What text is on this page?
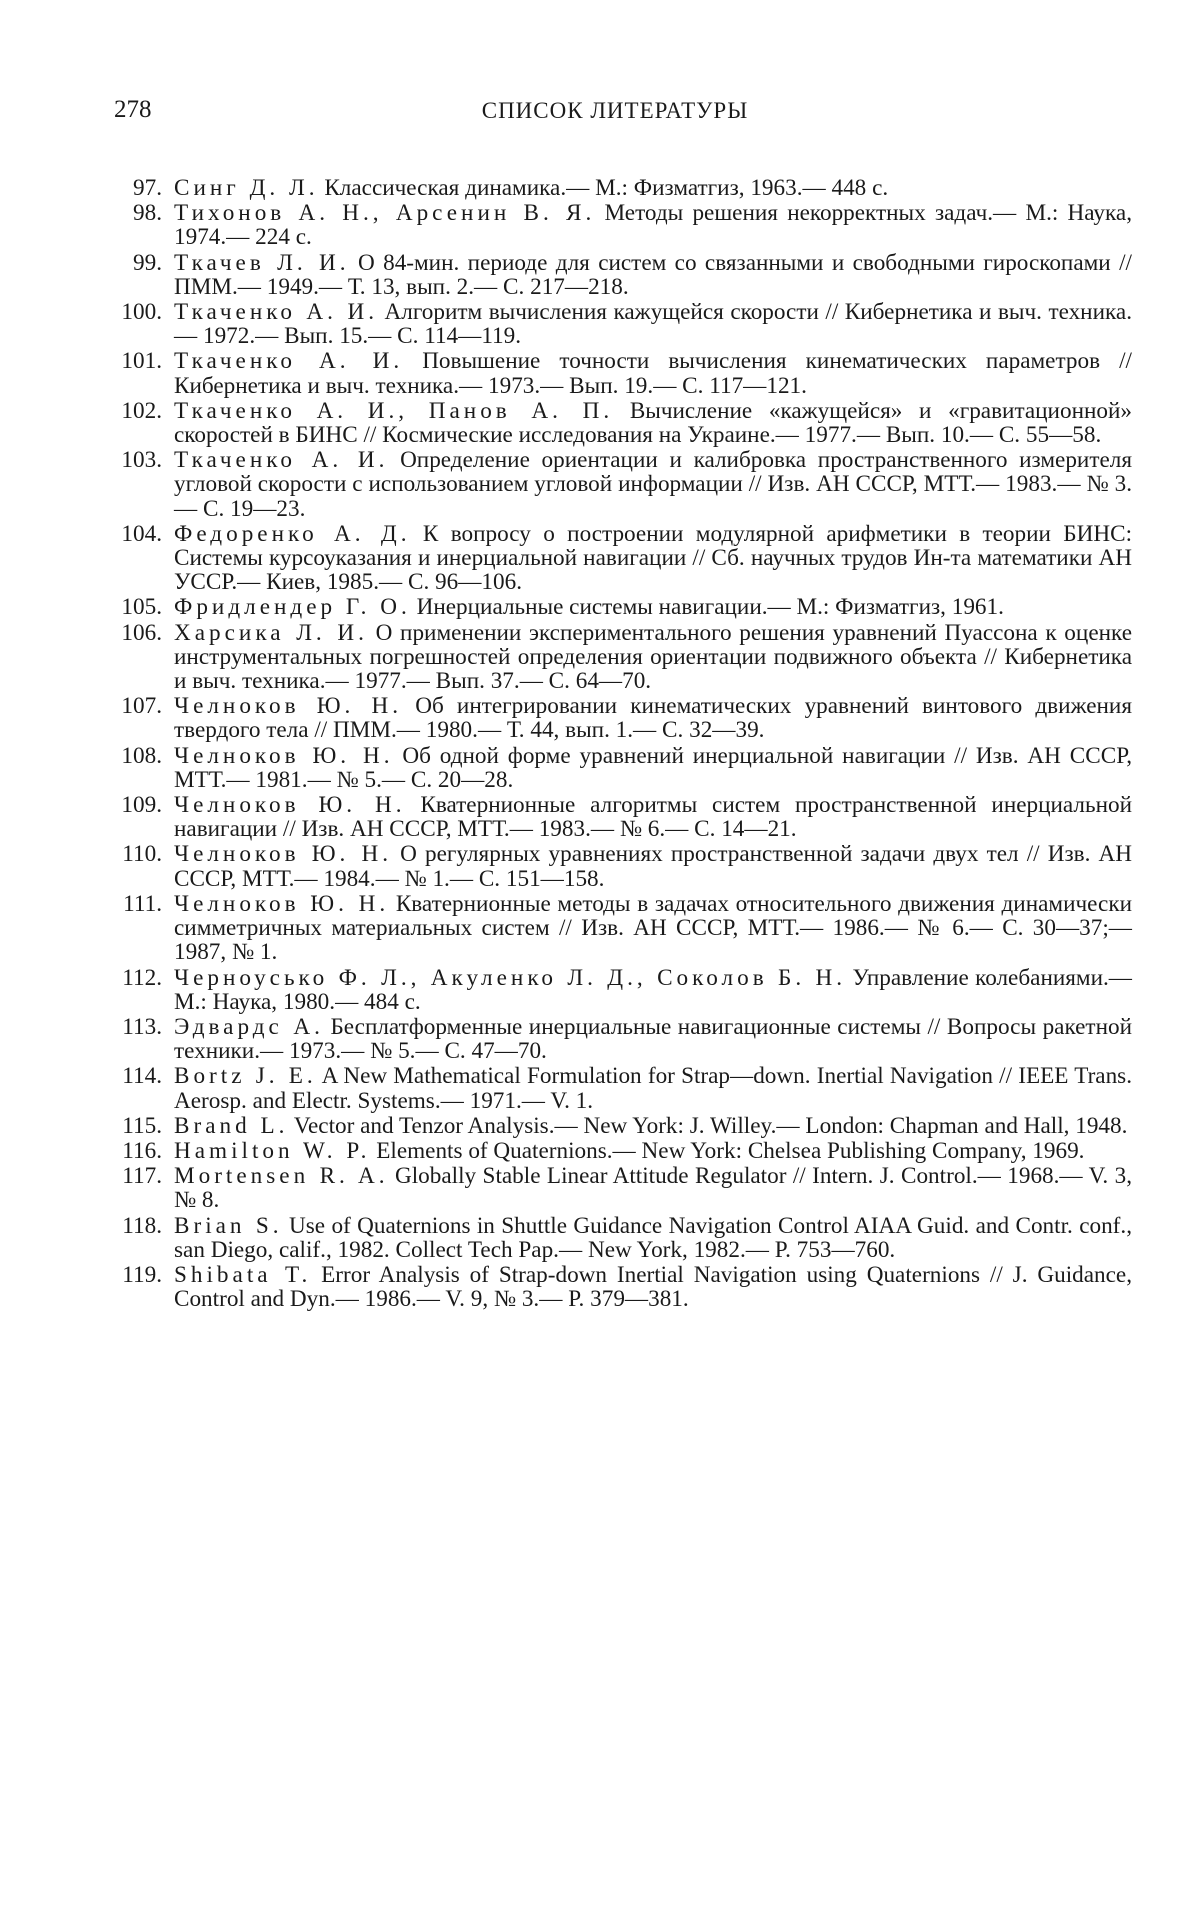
278	СПИСОК ЛИТЕРАТУРЫ
97. Синг Д. Л. Классическая динамика.— М.: Физматгиз, 1963.— 448 с.
98. Тихонов А. Н., Арсенин В. Я. Методы решения некорректных задач.— М.: Наука, 1974.— 224 с.
99. Ткачев Л. И. О 84-мин. периоде для систем со связанными и свободными гироскопами // ПММ.— 1949.— Т. 13, вып. 2.— С. 217—218.
100. Ткаченко А. И. Алгоритм вычисления кажущейся скорости // Кибернетика и выч. техника.— 1972.— Вып. 15.— С. 114—119.
101. Ткаченко А. И. Повышение точности вычисления кинематических параметров // Кибернетика и выч. техника.— 1973.— Вып. 19.— С. 117—121.
102. Ткаченко А. И., Панов А. П. Вычисление «кажущейся» и «гравитационной» скоростей в БИНС // Космические исследования на Украине.— 1977.— Вып. 10.— С. 55—58.
103. Ткаченко А. И. Определение ориентации и калибровка пространственного измерителя угловой скорости с использованием угловой информации // Изв. АН СССР, МТТ.— 1983.— № 3.— С. 19—23.
104. Федоренко А. Д. К вопросу о построении модулярной арифметики в теории БИНС: Системы курсоуказания и инерциальной навигации // Сб. научных трудов Ин-та математики АН УССР.— Киев, 1985.— С. 96—106.
105. Фридлендер Г. О. Инерциальные системы навигации.— М.: Физматгиз, 1961.
106. Харсика Л. И. О применении экспериментального решения уравнений Пуассона к оценке инструментальных погрешностей определения ориентации подвижного объекта // Кибернетика и выч. техника.— 1977.— Вып. 37.— С. 64—70.
107. Челноков Ю. Н. Об интегрировании кинематических уравнений винтового движения твердого тела // ПММ.— 1980.— Т. 44, вып. 1.— С. 32—39.
108. Челноков Ю. Н. Об одной форме уравнений инерциальной навигации // Изв. АН СССР, МТТ.— 1981.— № 5.— С. 20—28.
109. Челноков Ю. Н. Кватернионные алгоритмы систем пространственной инерциальной навигации // Изв. АН СССР, МТТ.— 1983.— № 6.— С. 14—21.
110. Челноков Ю. Н. О регулярных уравнениях пространственной задачи двух тел // Изв. АН СССР, МТТ.— 1984.— № 1.— С. 151—158.
111. Челноков Ю. Н. Кватернионные методы в задачах относительного движения динамически симметричных материальных систем // Изв. АН СССР, МТТ.— 1986.— № 6.— С. 30—37;— 1987, № 1.
112. Черноусько Ф. Л., Акуленко Л. Д., Соколов Б. Н. Управление колебаниями.— М.: Наука, 1980.— 484 с.
113. Эдвардс А. Бесплатформенные инерциальные навигационные системы // Вопросы ракетной техники.— 1973.— № 5.— С. 47—70.
114. Bortz J. E. A New Mathematical Formulation for Strap—down. Inertial Navigation // IEEE Trans. Aerosp. and Electr. Systems.— 1971.— V. 1.
115. Brand L. Vector and Tenzor Analysis.— New York: J. Willey.— London: Chapman and Hall, 1948.
116. Hamilton W. P. Elements of Quaternions.— New York: Chelsea Publishing Company, 1969.
117. Mortensen R. A. Globally Stable Linear Attitude Regulator // Intern. J. Control.— 1968.— V. 3, № 8.
118. Brian S. Use of Quaternions in Shuttle Guidance Navigation Control AIAA Guid. and Contr. conf., san Diego, calif., 1982. Collect Tech Pap.— New York, 1982.— P. 753—760.
119. Shibata T. Error Analysis of Strap-down Inertial Navigation using Quaternions // J. Guidance, Control and Dyn.— 1986.— V. 9, № 3.— P. 379—381.
